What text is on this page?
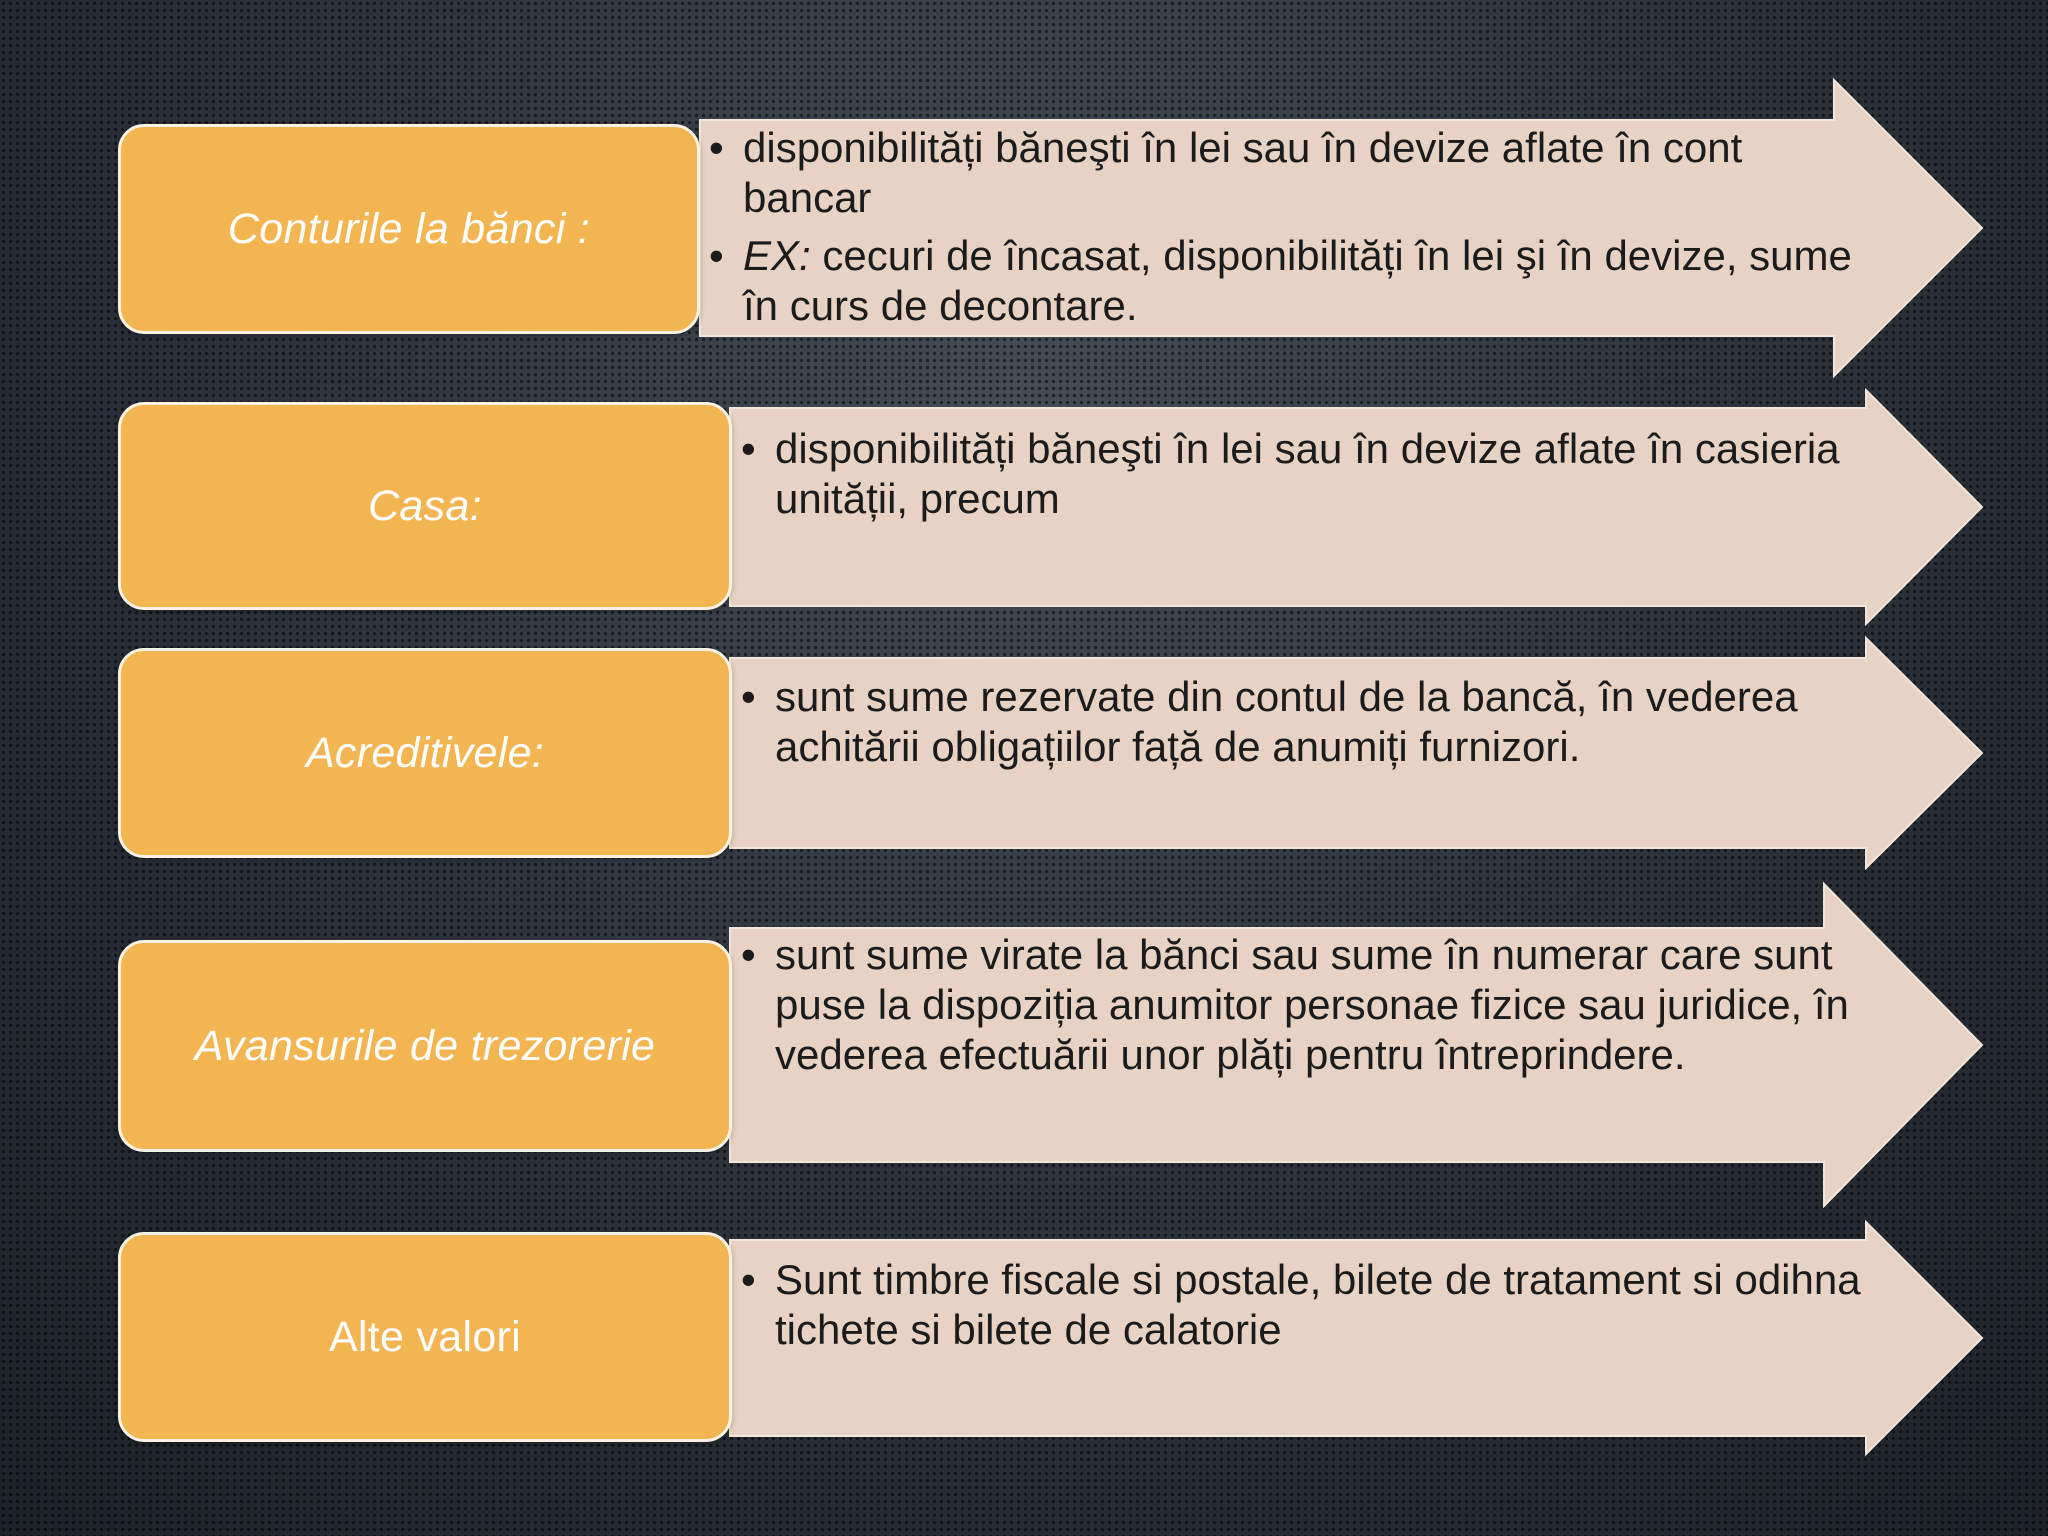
• disponibilități băneşti în lei sau în devize aflate în cont bancar
• EX: cecuri de încasat, disponibilități în lei şi în devize, sume în curs de decontare.
Conturile la bănci :
• disponibilități băneşti în lei sau în devize aflate în casieria unității, precum
Casa:
• sunt sume rezervate din contul de la bancă, în vederea achitării obligațiilor față de anumiți furnizori.
Acreditivele:
• sunt sume virate la bănci sau sume în numerar care sunt puse la dispoziția anumitor personae fizice sau juridice, în vederea efectuării unor plăți pentru întreprindere.
Avansurile de trezorerie
• Sunt timbre fiscale si postale, bilete de tratament si odihna tichete si bilete de calatorie
Alte valori
